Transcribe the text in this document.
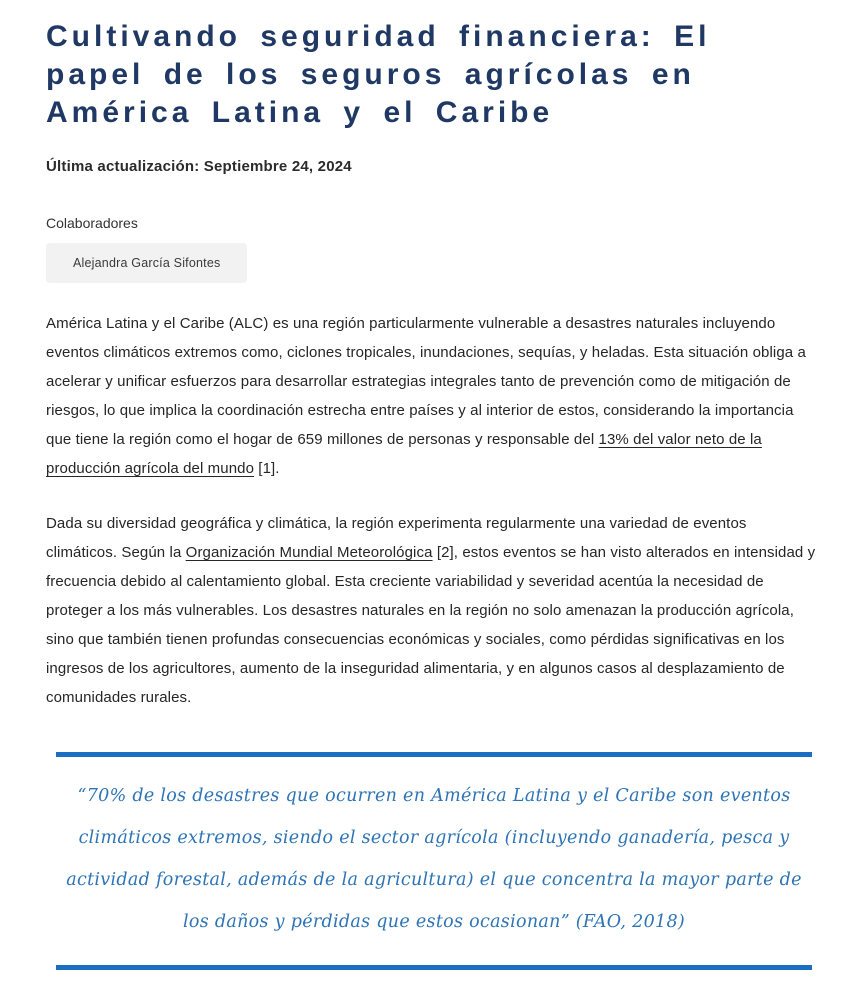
Cultivando seguridad financiera: El papel de los seguros agrícolas en América Latina y el Caribe

Última actualización: Septiembre 24, 2024

Colaboradores
Alejandra García Sifontes

América Latina y el Caribe (ALC) es una región particularmente vulnerable a desastres naturales incluyendo eventos climáticos extremos como, ciclones tropicales, inundaciones, sequías, y heladas. Esta situación obliga a acelerar y unificar esfuerzos para desarrollar estrategias integrales tanto de prevención como de mitigación de riesgos, lo que implica la coordinación estrecha entre países y al interior de estos, considerando la importancia que tiene la región como el hogar de 659 millones de personas y responsable del 13% del valor neto de la producción agrícola del mundo [1].

Dada su diversidad geográfica y climática, la región experimenta regularmente una variedad de eventos climáticos. Según la Organización Mundial Meteorológica [2], estos eventos se han visto alterados en intensidad y frecuencia debido al calentamiento global. Esta creciente variabilidad y severidad acentúa la necesidad de proteger a los más vulnerables. Los desastres naturales en la región no solo amenazan la producción agrícola, sino que también tienen profundas consecuencias económicas y sociales, como pérdidas significativas en los ingresos de los agricultores, aumento de la inseguridad alimentaria, y en algunos casos al desplazamiento de comunidades rurales.

“70% de los desastres que ocurren en América Latina y el Caribe son eventos climáticos extremos, siendo el sector agrícola (incluyendo ganadería, pesca y actividad forestal, además de la agricultura) el que concentra la mayor parte de los daños y pérdidas que estos ocasionan” (FAO, 2018)
